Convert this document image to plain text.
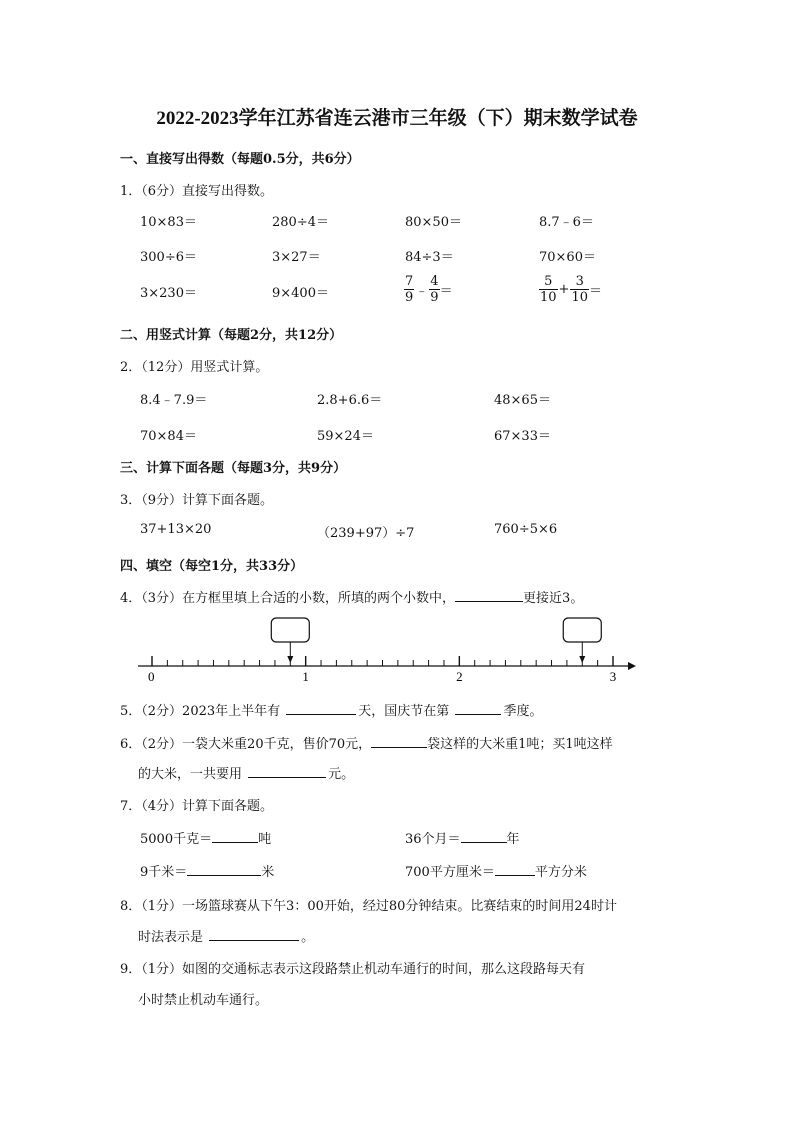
2022-2023学年江苏省连云港市三年级（下）期末数学试卷
一、直接写出得数（每题0.5分，共6分）
1．（6分）直接写出得数。
10×83＝	280÷4＝	80×50＝	8.7﹣6＝
300÷6＝	3×27＝	84÷3＝	70×60＝
3×230＝	9×400＝	$\frac{7}{9}$ ﹣ $\frac{4}{9}$ ＝	$\frac{5}{10} + \frac{3}{10}$ ＝
二、用竖式计算（每题2分，共12分）
2．（12分）用竖式计算。
8.4﹣7.9＝	2.8+6.6＝	48×65＝
70×84＝	59×24＝	67×33＝
三、计算下面各题（每题3分，共9分）
3．（9分）计算下面各题。
37+13×20	（239+97）÷7	760÷5×6
四、填空（每空1分，共33分）
4．（3分）在方框里填上合适的小数，所填的两个小数中，	更接近3。
0	1	2	3
5．（2分）2023年上半年有	天，国庆节在第	季度。
6．（2分）一袋大米重20千克，售价70元，	袋这样的大米重1吨；买1吨这样
的大米，一共要用	元。
7．（4分）计算下面各题。
5000千克＝	吨	36个月＝	年
9千米＝	米	700平方厘米＝	平方分米
8．（1分）一场篮球赛从下午3：00开始，经过80分钟结束。比赛结束的时间用24时计
时法表示是	。
9．（1分）如图的交通标志表示这段路禁止机动车通行的时间，那么这段路每天有
小时禁止机动车通行。
